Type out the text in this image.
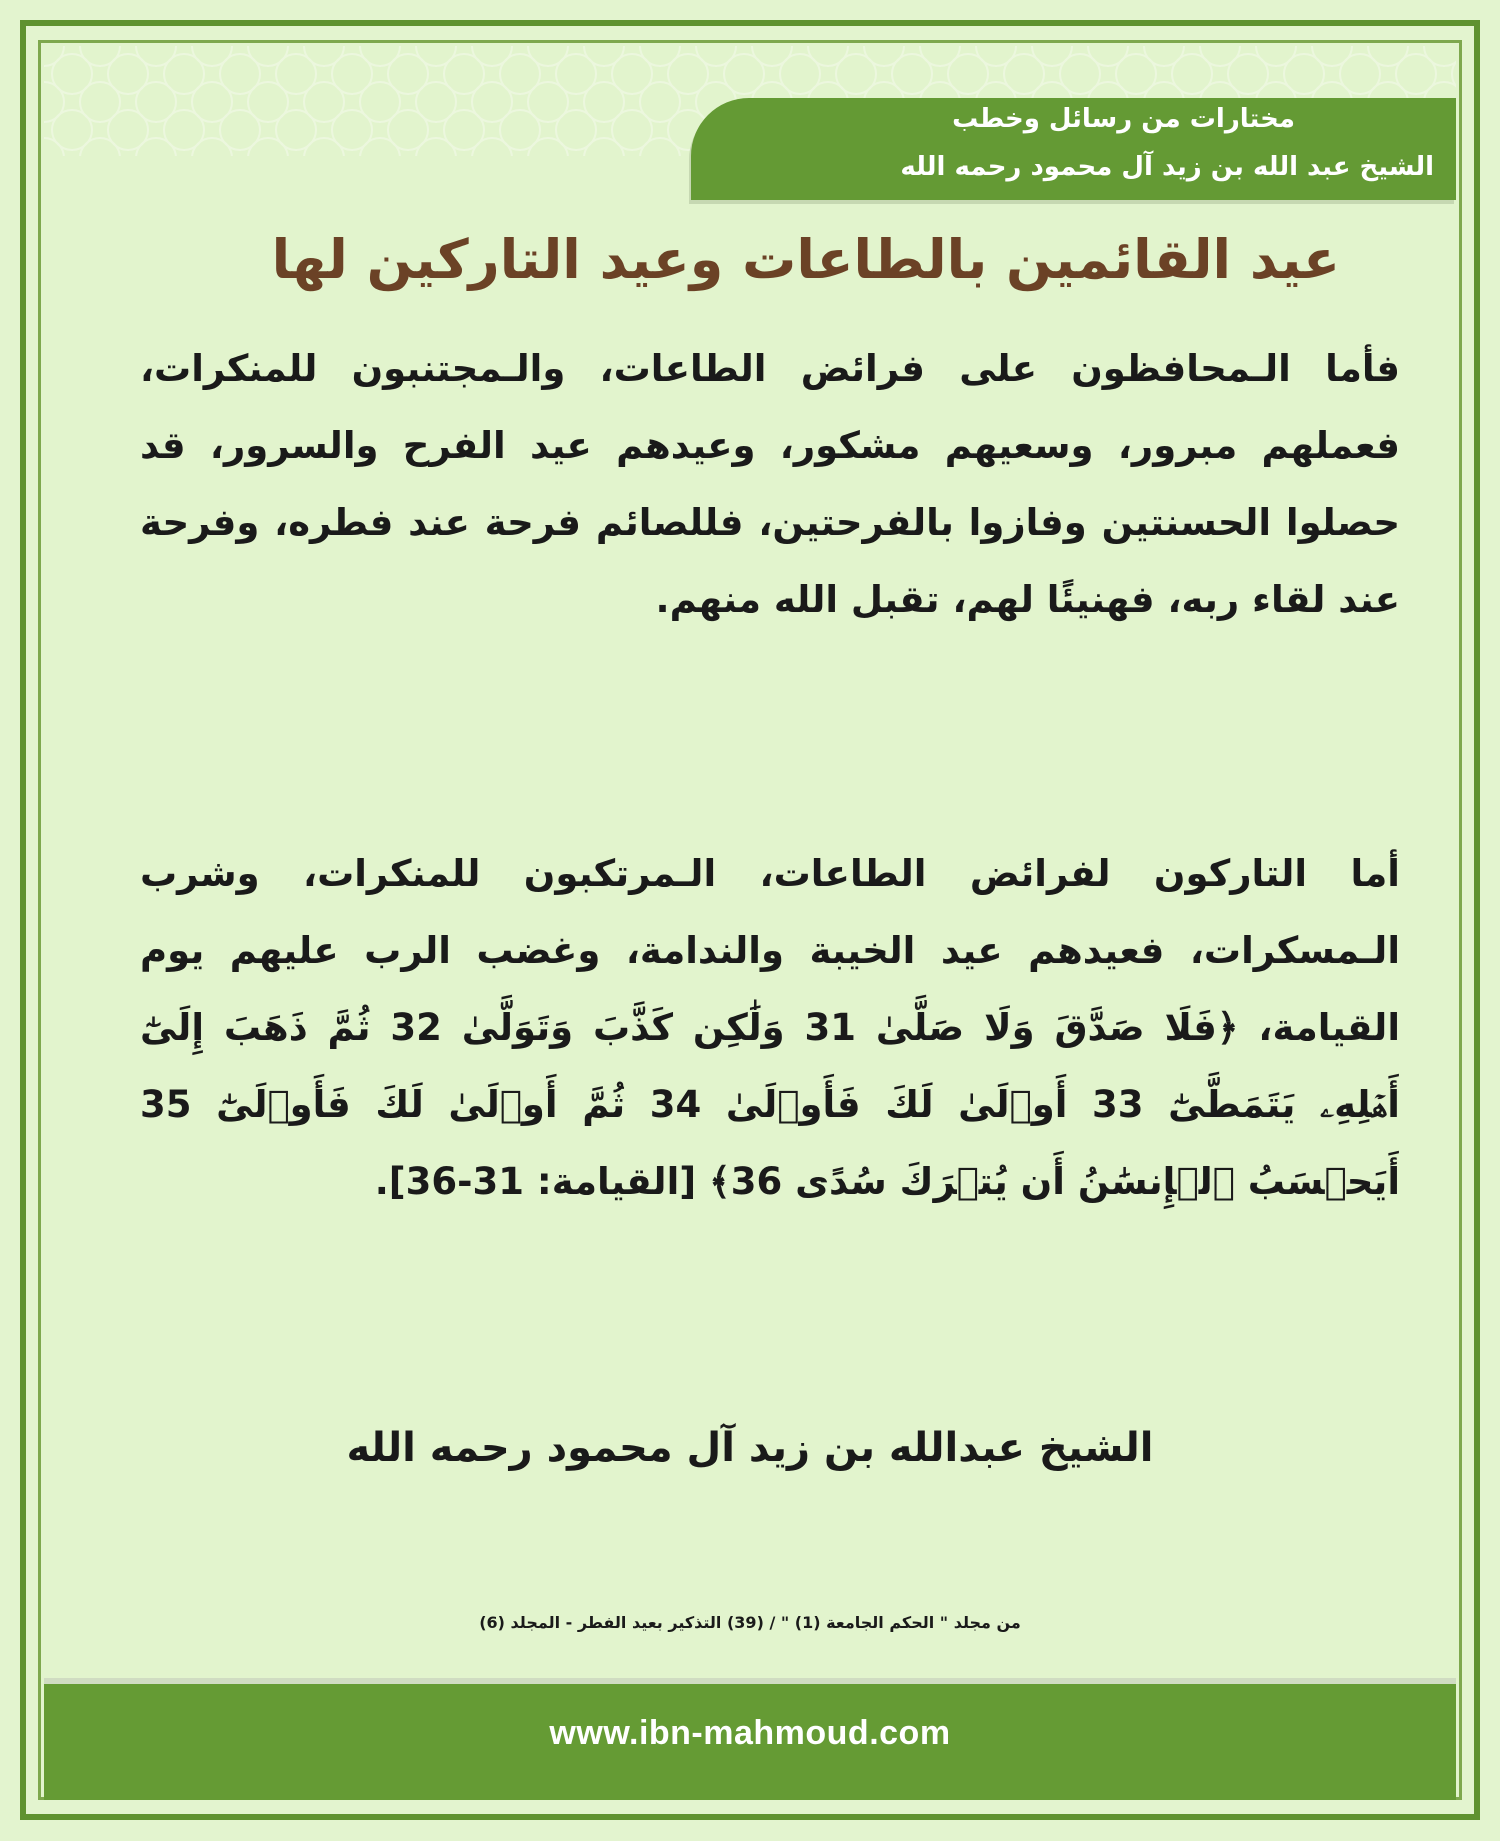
مختارات من رسائل وخطب
الشيخ عبد الله بن زيد آل محمود رحمه الله
عيد القائمين بالطاعات وعيد التاركين لها

فأما الـمحافظون على فرائض الطاعات، والـمجتنبون للمنكرات، فعملهم مبرور، وسعيهم مشكور، وعيدهم عيد الفرح والسرور، قد حصلوا الحسنتين وفازوا بالفرحتين، فللصائم فرحة عند فطره، وفرحة عند لقاء ربه، فهنيئًا لهم، تقبل الله منهم.

أما التاركون لفرائض الطاعات، الـمرتكبون للمنكرات، وشرب الـمسكرات، فعيدهم عيد الخيبة والندامة، وغضب الرب عليهم يوم القيامة، ﴿فَلَا صَدَّقَ وَلَا صَلَّىٰ 31 وَلَٰكِن كَذَّبَ وَتَوَلَّىٰ 32 ثُمَّ ذَهَبَ إِلَىٰٓ أَهۡلِهِۦ يَتَمَطَّىٰٓ 33 أَوۡلَىٰ لَكَ فَأَوۡلَىٰ 34 ثُمَّ أَوۡلَىٰ لَكَ فَأَوۡلَىٰٓ 35 أَيَحۡسَبُ ٱلۡإِنسَٰنُ أَن يُتۡرَكَ سُدًى 36﴾ [القيامة: 31-36].

الشيخ عبدالله بن زيد آل محمود رحمه الله
من مجلد " الحكم الجامعة (1) " / (39) التذكير بعيد الفطر - المجلد (6)
www.ibn-mahmoud.com
